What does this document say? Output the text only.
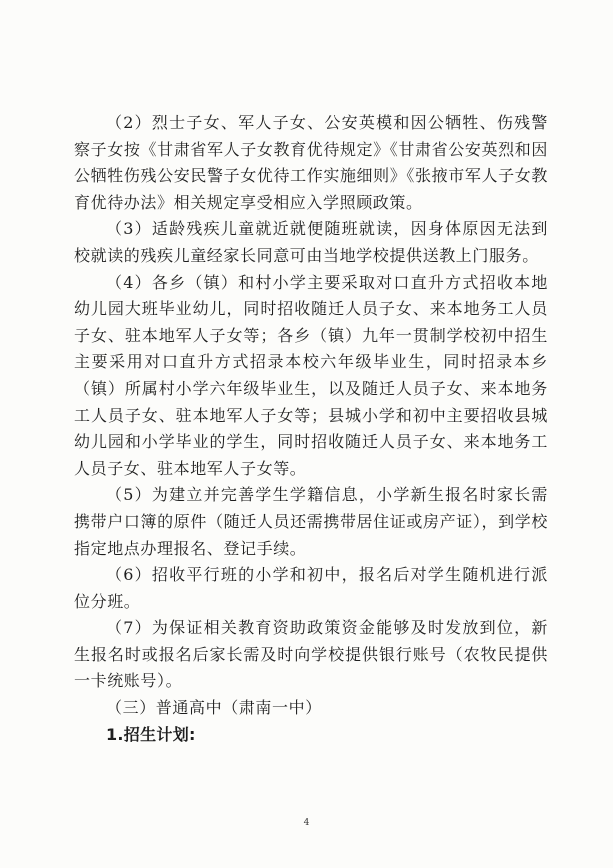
（2）烈士子女、军人子女、公安英模和因公牺牲、伤残警察子女按《甘肃省军人子女教育优待规定》《甘肃省公安英烈和因公牺牲伤残公安民警子女优待工作实施细则》《张掖市军人子女教育优待办法》相关规定享受相应入学照顾政策。

（3）适龄残疾儿童就近就便随班就读，因身体原因无法到校就读的残疾儿童经家长同意可由当地学校提供送教上门服务。

（4）各乡（镇）和村小学主要采取对口直升方式招收本地幼儿园大班毕业幼儿，同时招收随迁人员子女、来本地务工人员子女、驻本地军人子女等；各乡（镇）九年一贯制学校初中招生主要采用对口直升方式招录本校六年级毕业生，同时招录本乡（镇）所属村小学六年级毕业生，以及随迁人员子女、来本地务工人员子女、驻本地军人子女等；县城小学和初中主要招收县城幼儿园和小学毕业的学生，同时招收随迁人员子女、来本地务工人员子女、驻本地军人子女等。

（5）为建立并完善学生学籍信息，小学新生报名时家长需携带户口簿的原件（随迁人员还需携带居住证或房产证），到学校指定地点办理报名、登记手续。

（6）招收平行班的小学和初中，报名后对学生随机进行派位分班。

（7）为保证相关教育资助政策资金能够及时发放到位，新生报名时或报名后家长需及时向学校提供银行账号（农牧民提供一卡统账号）。

（三）普通高中（肃南一中）

1.招生计划:

4
